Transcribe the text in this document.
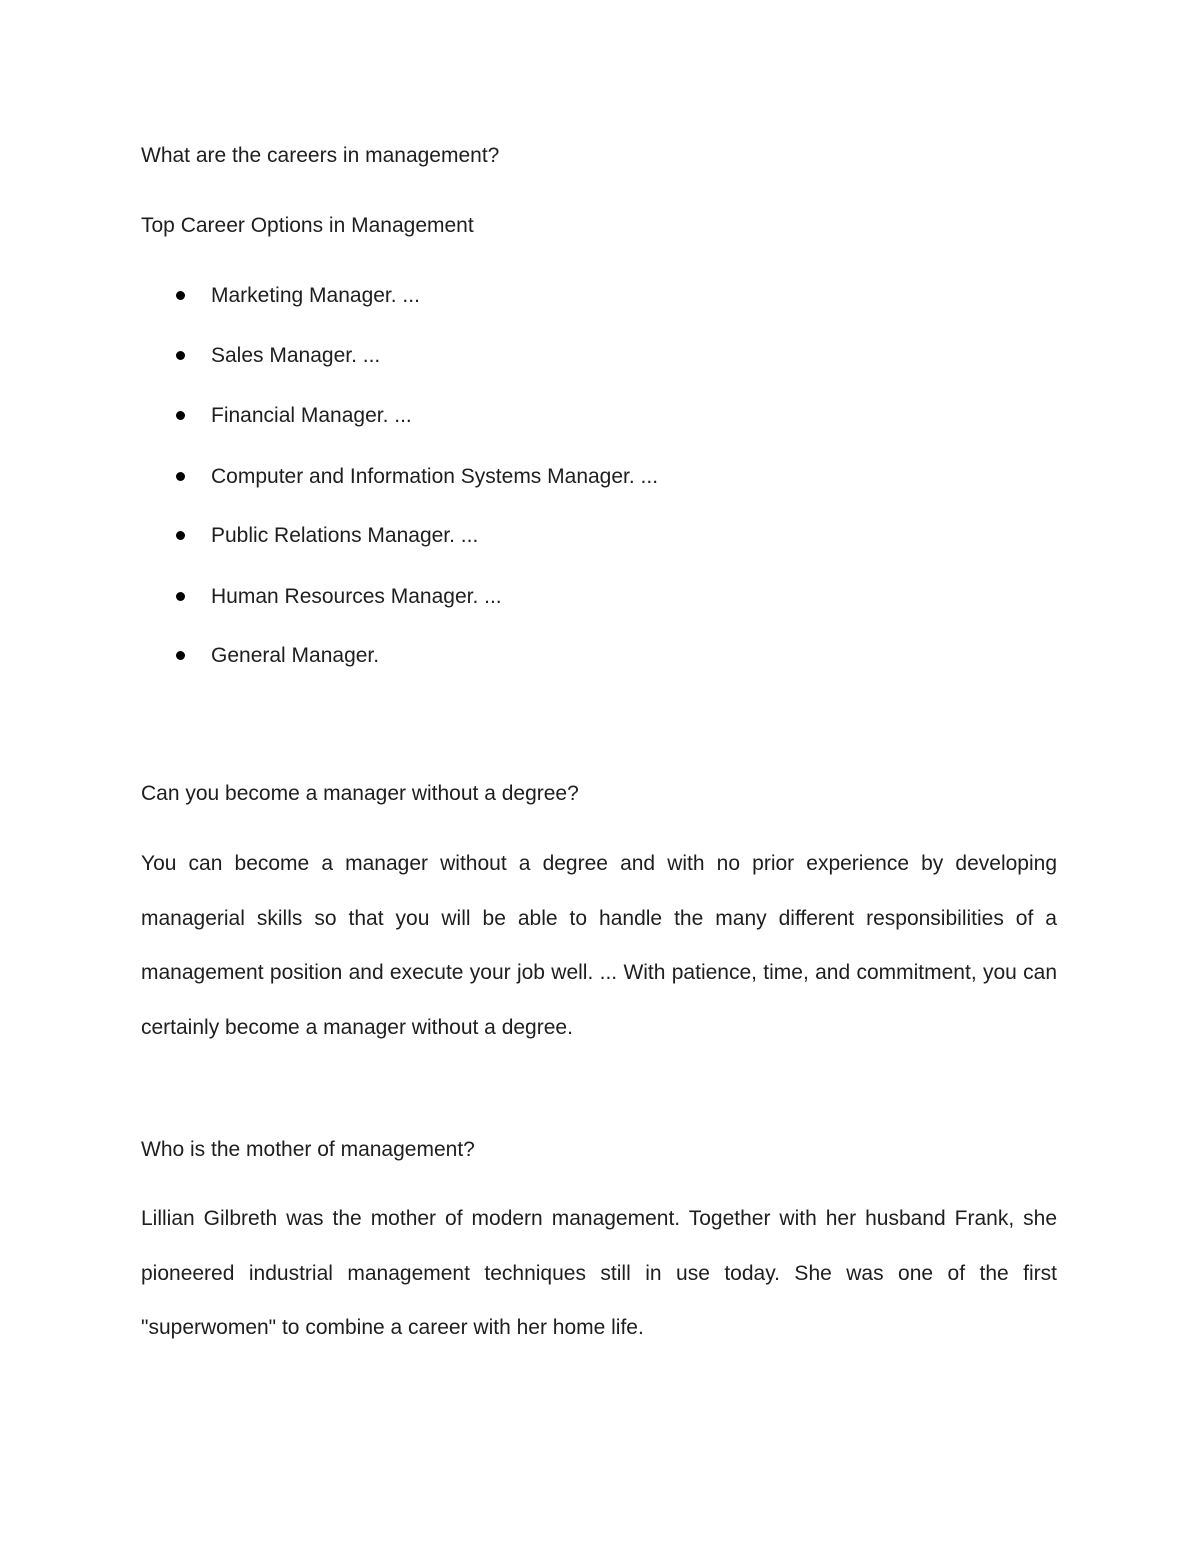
What are the careers in management?

Top Career Options in Management

Marketing Manager. ...
Sales Manager. ...
Financial Manager. ...
Computer and Information Systems Manager. ...
Public Relations Manager. ...
Human Resources Manager. ...
General Manager.
Can you become a manager without a degree?

You can become a manager without a degree and with no prior experience by developing managerial skills so that you will be able to handle the many different responsibilities of a management position and execute your job well. ... With patience, time, and commitment, you can certainly become a manager without a degree.

Who is the mother of management?

Lillian Gilbreth was the mother of modern management. Together with her husband Frank, she pioneered industrial management techniques still in use today. She was one of the first "superwomen" to combine a career with her home life.
